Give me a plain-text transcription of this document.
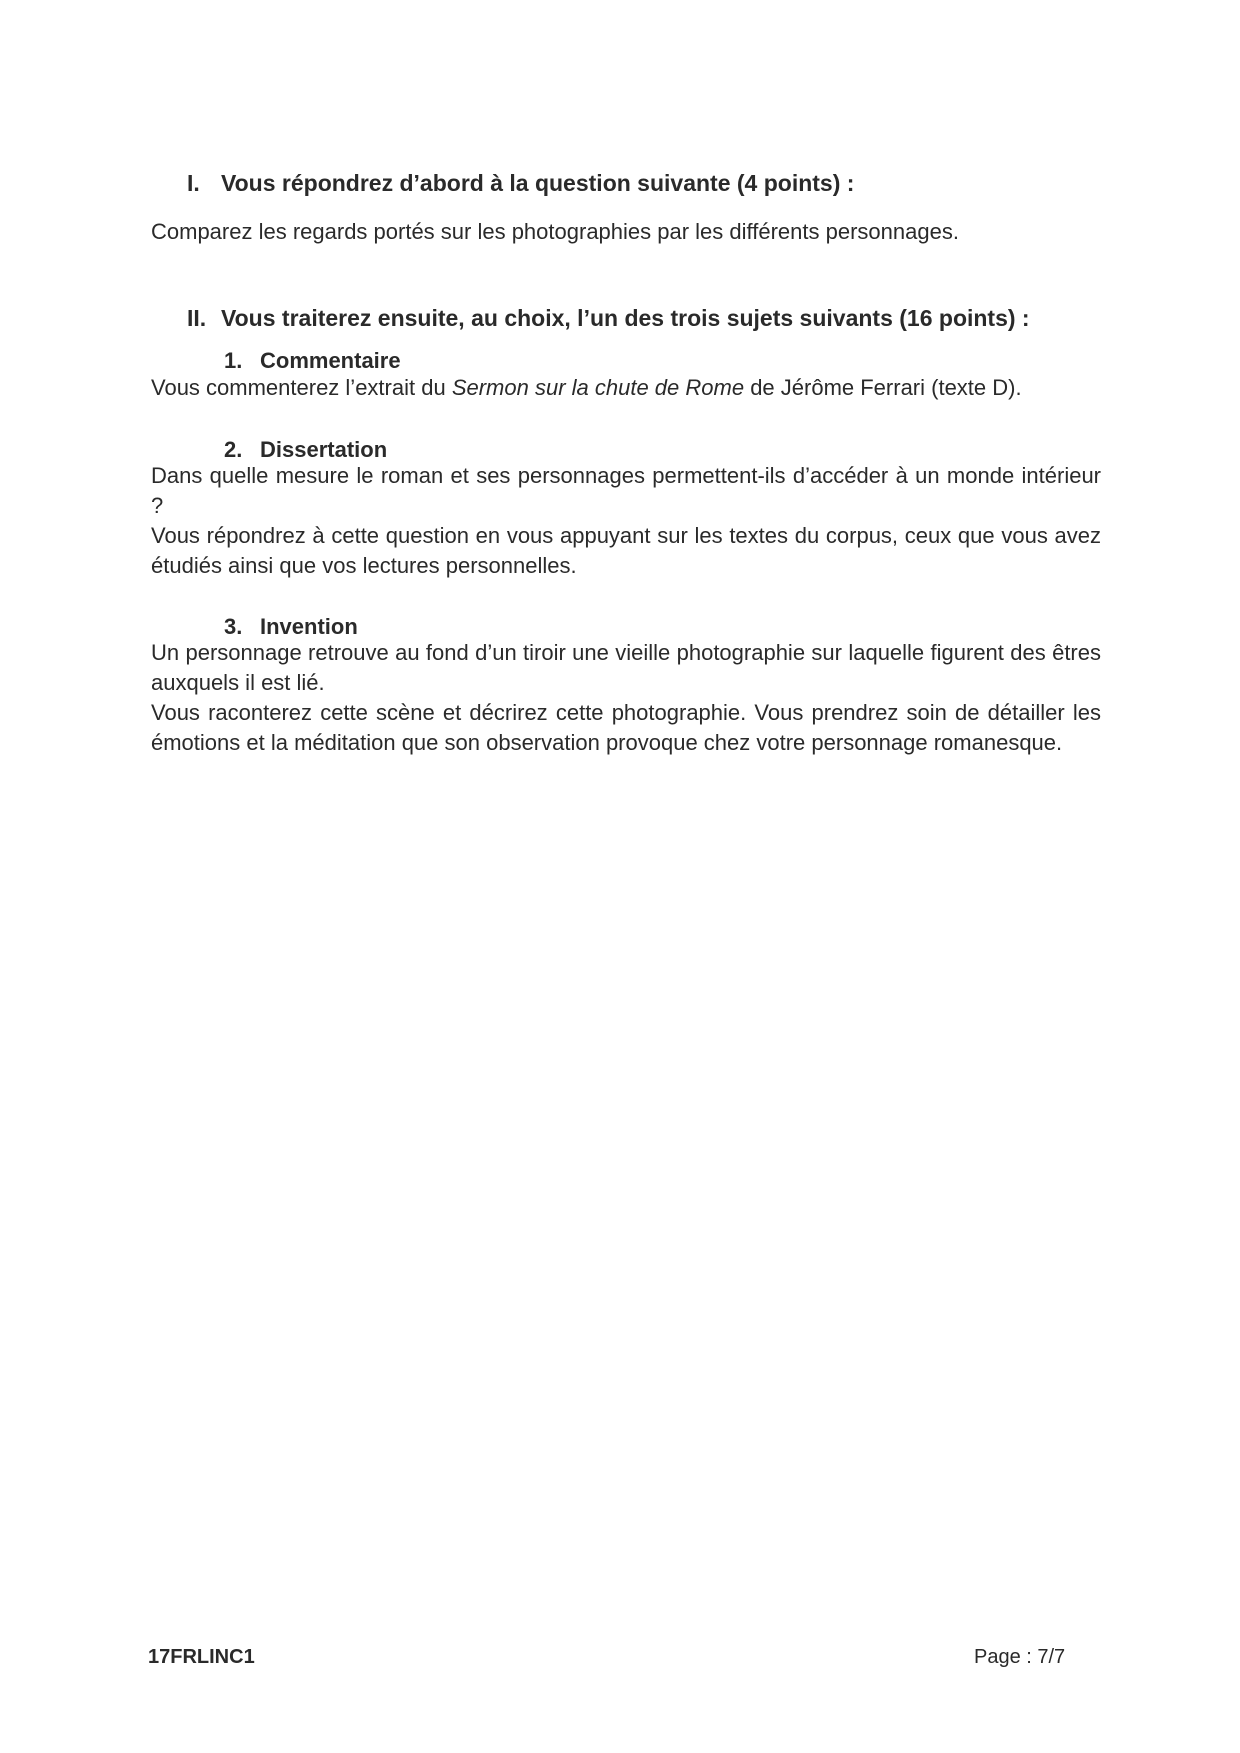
I. Vous répondrez d’abord à la question suivante (4 points) :
Comparez les regards portés sur les photographies par les différents personnages.
II. Vous traiterez ensuite, au choix, l’un des trois sujets suivants (16 points) :
1. Commentaire
Vous commenterez l’extrait du Sermon sur la chute de Rome de Jérôme Ferrari (texte D).
2. Dissertation
Dans quelle mesure le roman et ses personnages permettent-ils d’accéder à un monde intérieur ?
Vous répondrez à cette question en vous appuyant sur les textes du corpus, ceux que vous avez étudiés ainsi que vos lectures personnelles.
3. Invention
Un personnage retrouve au fond d’un tiroir une vieille photographie sur laquelle figurent des êtres auxquels il est lié.
Vous raconterez cette scène et décrirez cette photographie. Vous prendrez soin de détailler les émotions et la méditation que son observation provoque chez votre personnage romanesque.
17FRLINC1	Page : 7/7
